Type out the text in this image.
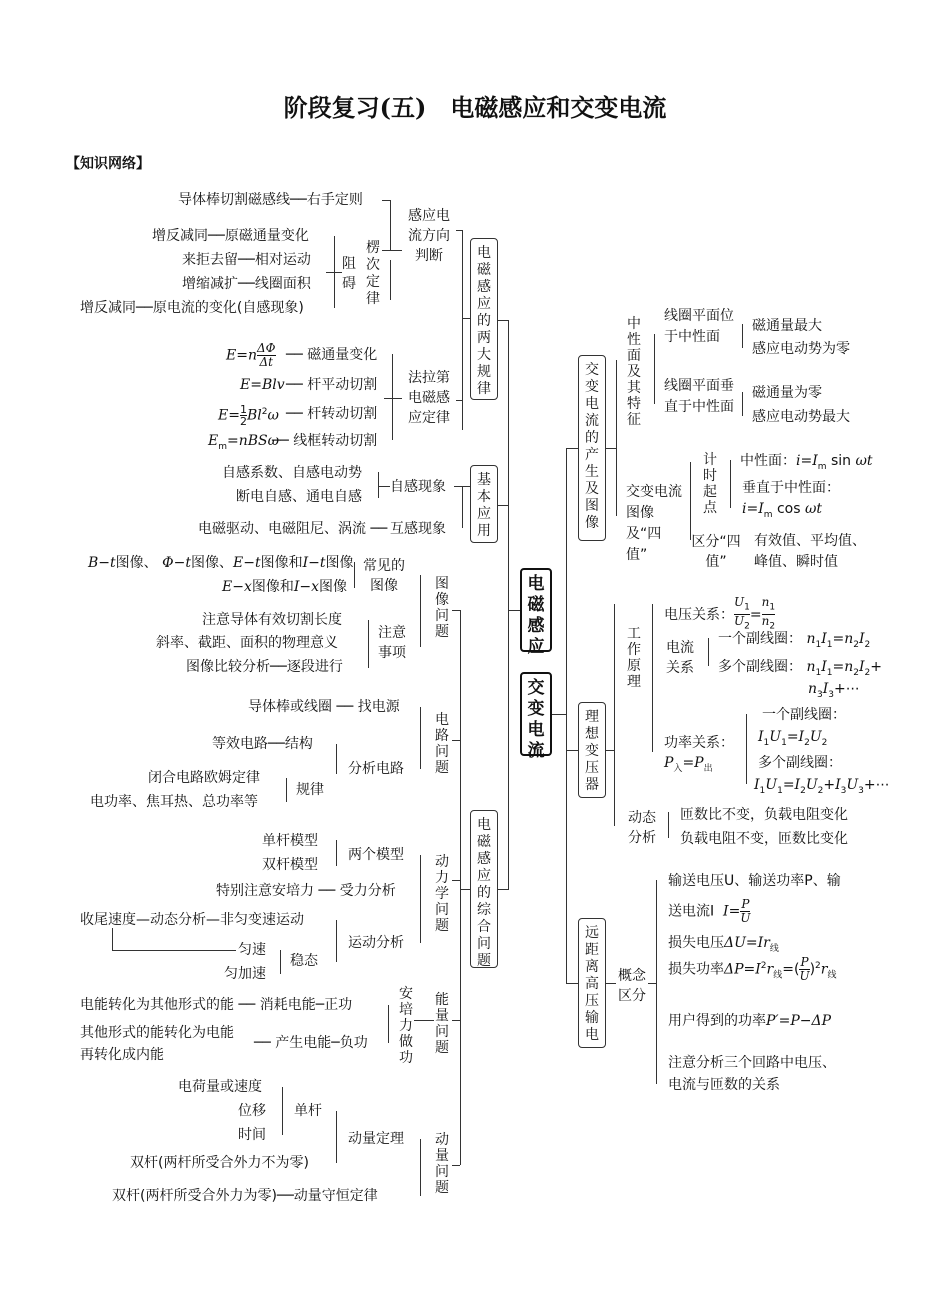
阶段复习(五)　电磁感应和交变电流
【知识网络】
导体棒切割磁感线──右手定则
感应电流方向判断
增反减同──原磁通量变化
来拒去留──相对运动
增缩减扩──线圈面积
增反减同──原电流的变化(自感现象)
阻碍
楞次定律
$E=n\frac{\Delta\Phi}{\Delta t}$ ── 磁通量变化
E=Blv ── 杆平动切割
E=1

2 Bl$^2$ω ── 杆转动切割
$E_m=nBS\omega$
── 线框转动切割
法拉第电磁感应定律
电磁感应的两大规律
自感系数、自感电动势
断电自感、通电自感
自感现象
电磁驱动、电磁阻尼、涡流 ── 互感现象
基本应用
B−t图像、 Φ−t图像、E−t图像和I−t图像
E−x图像和I−x图像
常见的图像
注意导体有效切割长度
斜率、截距、面积的物理意义
图像比较分析──逐段进行
注意事项
图像问题
导体棒或线圈 ── 找电源
等效电路──结构
分析电路
闭合电路欧姆定律
电功率、焦耳热、总功率等
规律
电路问题
单杆模型
双杆模型
两个模型
特别注意安培力 ── 受力分析
收尾速度—动态分析—非匀变速运动
匀速
匀加速
稳态
运动分析
动力学问题
电能转化为其他形式的能 ── 消耗电能─正功
其他形式的能转化为电能
再转化成内能
── 产生电能─负功
安培力做功
能量问题
电荷量或速度
位移
时间
单杆
双杆(两杆所受合外力不为零)
动量定理
双杆(两杆所受合外力为零)──动量守恒定律
动量问题
电磁感应的综合问题
电磁感应
交变电流
交变电流的产生及图像
中性面及其特征
线圈平面位于中性面
磁通量最大
感应电动势为零
线圈平面垂直于中性面
磁通量为零
感应电动势最大
交变电流图像及“四值”
计时起点
中性面：$i=I_m$ sin ωt
垂直于中性面：
$i=I_m$ cos ωt
区分“四值”
有效值、平均值、
峰值、瞬时值
理想变压器
工作原理
电压关系：$U_1$

$U_2$
$=n_1$

$n_2$
电流关系
一个副线圈： $n_1I_1=n_2I_2$
多个副线圈： $n_1I_1=n_2I_2+$
$n_3I_3+\cdots$
功率关系：
$P_入=P_出$
一个副线圈：
$I_1U_1=I_2U_2$
多个副线圈：
$I_1U_1=I_2U_2+I_3U_3+\cdots$
动态分析
匝数比不变，负载电阻变化
负载电阻不变，匝数比变化
远距离高压输电
概念区分
输送电压U、输送功率P、输
送电流I $I=\frac{P}{U}$
损失电压$\Delta U=Ir_线$
损失功率$\Delta P=I^2r_线=(\frac{P}{U} )^2r_线$
用户得到的功率P′=P−ΔP
注意分析三个回路中电压、
电流与匝数的关系
